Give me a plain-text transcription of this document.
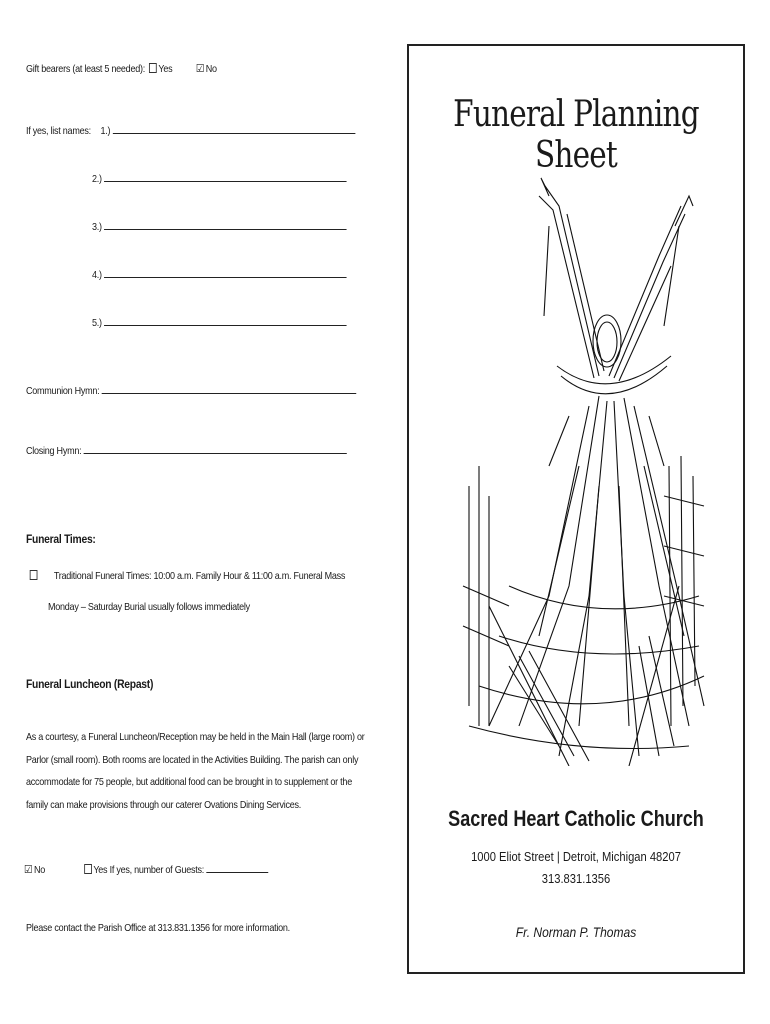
Gift bearers (at least 5 needed): Yes ☑ No
If yes, list names: 1.)
2.)
3.)
4.)
5.)
Communion Hymn:
Closing Hymn:
Funeral Times:
Traditional Funeral Times: 10:00 a.m. Family Hour & 11:00 a.m. Funeral Mass
Monday – Saturday Burial usually follows immediately
Funeral Luncheon (Repast)
As a courtesy, a Funeral Luncheon/Reception may be held in the Main Hall (large room) or
Parlor (small room). Both rooms are located in the Activities Building. The parish can only
accommodate for 75 people, but additional food can be brought in to supplement or the
family can make provisions through our caterer Ovations Dining Services.
☑ No	Yes If yes, number of Guests:
Please contact the Parish Office at 313.831.1356 for more information.
Funeral Planning Sheet
Sacred Heart Catholic Church
1000 Eliot Street | Detroit, Michigan 48207
313.831.1356
Fr. Norman P. Thomas
